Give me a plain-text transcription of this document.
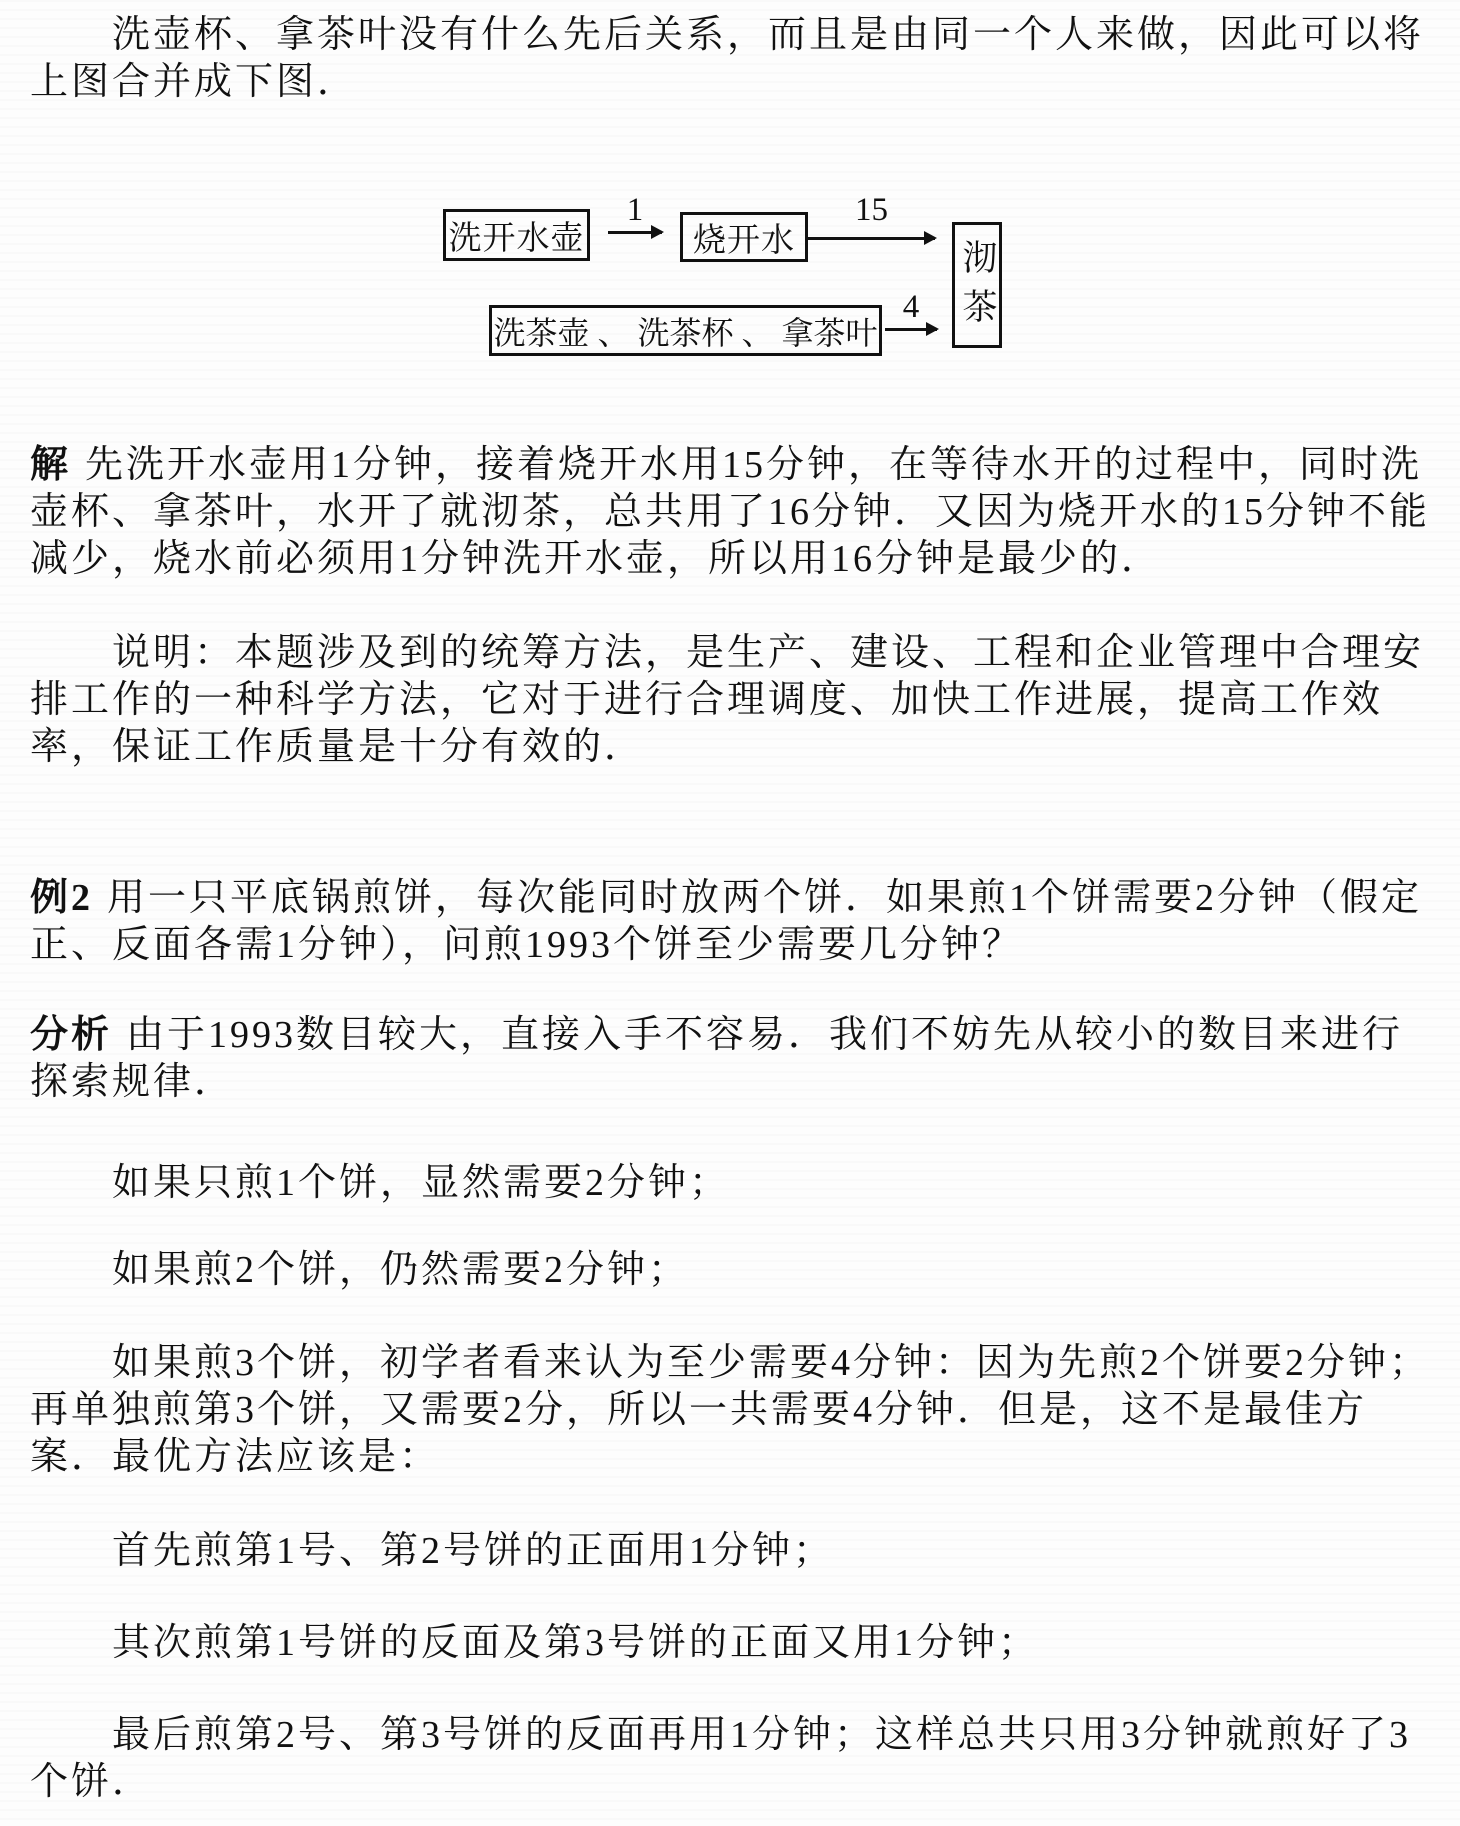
洗壶杯、拿茶叶没有什么先后关系，而且是由同一个人来做，因此可以将上图合并成下图．

洗开水壶
1
烧开水
15
洗茶壶 、 洗茶杯 、 拿茶叶
4	沏茶

解 先洗开水壶用1分钟，接着烧开水用15分钟，在等待水开的过程中，同时洗壶杯、拿茶叶，水开了就沏茶，总共用了16分钟．又因为烧开水的15分钟不能减少，烧水前必须用1分钟洗开水壶，所以用16分钟是最少的．

说明：本题涉及到的统筹方法，是生产、建设、工程和企业管理中合理安排工作的一种科学方法，它对于进行合理调度、加快工作进展，提高工作效率，保证工作质量是十分有效的．

例2 用一只平底锅煎饼，每次能同时放两个饼．如果煎1个饼需要2分钟（假定正、反面各需1分钟），问煎1993个饼至少需要几分钟？

分析 由于1993数目较大，直接入手不容易．我们不妨先从较小的数目来进行探索规律．

如果只煎1个饼，显然需要2分钟；

如果煎2个饼，仍然需要2分钟；

如果煎3个饼，初学者看来认为至少需要4分钟：因为先煎2个饼要2分钟；再单独煎第3个饼，又需要2分，所以一共需要4分钟．但是，这不是最佳方案．最优方法应该是：

首先煎第1号、第2号饼的正面用1分钟；

其次煎第1号饼的反面及第3号饼的正面又用1分钟；

最后煎第2号、第3号饼的反面再用1分钟；这样总共只用3分钟就煎好了3个饼．
